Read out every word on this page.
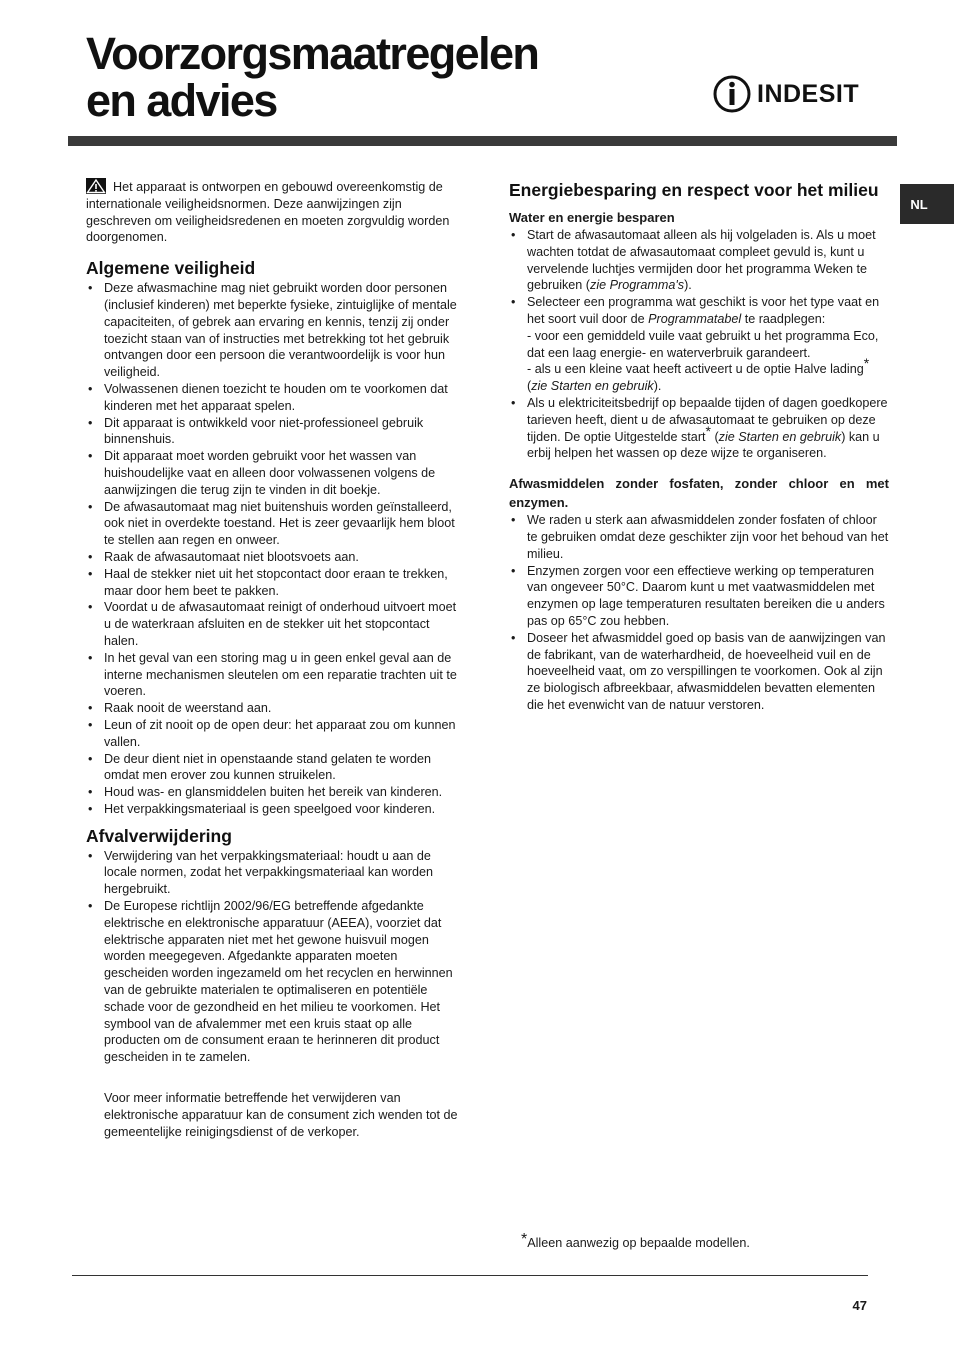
Voorzorgsmaatregelen
en advies	INDESIT
NL

Het apparaat is ontworpen en gebouwd overeenkomstig de internationale veiligheidsnormen. Deze aanwijzingen zijn geschreven om veiligheidsredenen en moeten zorgvuldig worden doorgenomen.

Algemene veiligheid
• Deze afwasmachine mag niet gebruikt worden door personen (inclusief kinderen) met beperkte fysieke, zintuiglijke of mentale capaciteiten, of gebrek aan ervaring en kennis, tenzij zij onder toezicht staan van of instructies met betrekking tot het gebruik ontvangen door een persoon die verantwoordelijk is voor hun veiligheid.
• Volwassenen dienen toezicht te houden om te voorkomen dat kinderen met het apparaat spelen.
• Dit apparaat is ontwikkeld voor niet-professioneel gebruik binnenshuis.
• Dit apparaat moet worden gebruikt voor het wassen van huishoudelijke vaat en alleen door volwassenen volgens de aanwijzingen die terug zijn te vinden in dit boekje.
• De afwasautomaat mag niet buitenshuis worden geïnstalleerd, ook niet in overdekte toestand. Het is zeer gevaarlijk hem bloot te stellen aan regen en onweer.
• Raak de afwasautomaat niet blootsvoets aan.
• Haal de stekker niet uit het stopcontact door eraan te trekken, maar door hem beet te pakken.
• Voordat u de afwasautomaat reinigt of onderhoud uitvoert moet u de waterkraan afsluiten en de stekker uit het stopcontact halen.
• In het geval van een storing mag u in geen enkel geval aan de interne mechanismen sleutelen om een reparatie trachten uit te voeren.
• Raak nooit de weerstand aan.
• Leun of zit nooit op de open deur: het apparaat zou om kunnen vallen.
• De deur dient niet in openstaande stand gelaten te worden omdat men erover zou kunnen struikelen.
• Houd was- en glansmiddelen buiten het bereik van kinderen.
• Het verpakkingsmateriaal is geen speelgoed voor kinderen.
Afvalverwijdering
• Verwijdering van het verpakkingsmateriaal: houdt u aan de locale normen, zodat het verpakkingsmateriaal kan worden hergebruikt.
• De Europese richtlijn 2002/96/EG betreffende afgedankte elektrische en elektronische apparatuur (AEEA), voorziet dat elektrische apparaten niet met het gewone huisvuil mogen worden meegegeven. Afgedankte apparaten moeten gescheiden worden ingezameld om het recyclen en herwinnen van de gebruikte materialen te optimaliseren en potentiële schade voor de gezondheid en het milieu te voorkomen. Het symbool van de afvalemmer met een kruis staat op alle producten om de consument eraan te herinneren dit product gescheiden in te zamelen.
Voor meer informatie betreffende het verwijderen van elektronische apparatuur kan de consument zich wenden tot de gemeentelijke reinigingsdienst of de verkoper.
Energiebesparing en respect voor het milieu
Water en energie besparen
• Start de afwasautomaat alleen als hij volgeladen is. Als u moet wachten totdat de afwasautomaat compleet gevuld is, kunt u vervelende luchtjes vermijden door het programma Weken te gebruiken (zie Programma's).
• Selecteer een programma wat geschikt is voor het type vaat en het soort vuil door de Programmatabel te raadplegen:
- voor een gemiddeld vuile vaat gebruikt u het programma Eco, dat een laag energie- en waterverbruik garandeert.
- als u een kleine vaat heeft activeert u de optie Halve lading* (zie Starten en gebruik).
• Als u elektriciteitsbedrijf op bepaalde tijden of dagen goedkopere tarieven heeft, dient u de afwasautomaat te gebruiken op deze tijden. De optie Uitgestelde start* (zie Starten en gebruik) kan u erbij helpen het wassen op deze wijze te organiseren.
Afwasmiddelen zonder fosfaten, zonder chloor en met enzymen.
• We raden u sterk aan afwasmiddelen zonder fosfaten of chloor te gebruiken omdat deze geschikter zijn voor het behoud van het milieu.
• Enzymen zorgen voor een effectieve werking op temperaturen van ongeveer 50°C. Daarom kunt u met vaatwasmiddelen met enzymen op lage temperaturen resultaten bereiken die u anders pas op 65°C zou hebben.
• Doseer het afwasmiddel goed op basis van de aanwijzingen van de fabrikant, van de waterhardheid, de hoeveelheid vuil en de hoeveelheid vaat, om zo verspillingen te voorkomen. Ook al zijn ze biologisch afbreekbaar, afwasmiddelen bevatten elementen die het evenwicht van de natuur verstoren.
*Alleen aanwezig op bepaalde modellen.
47
